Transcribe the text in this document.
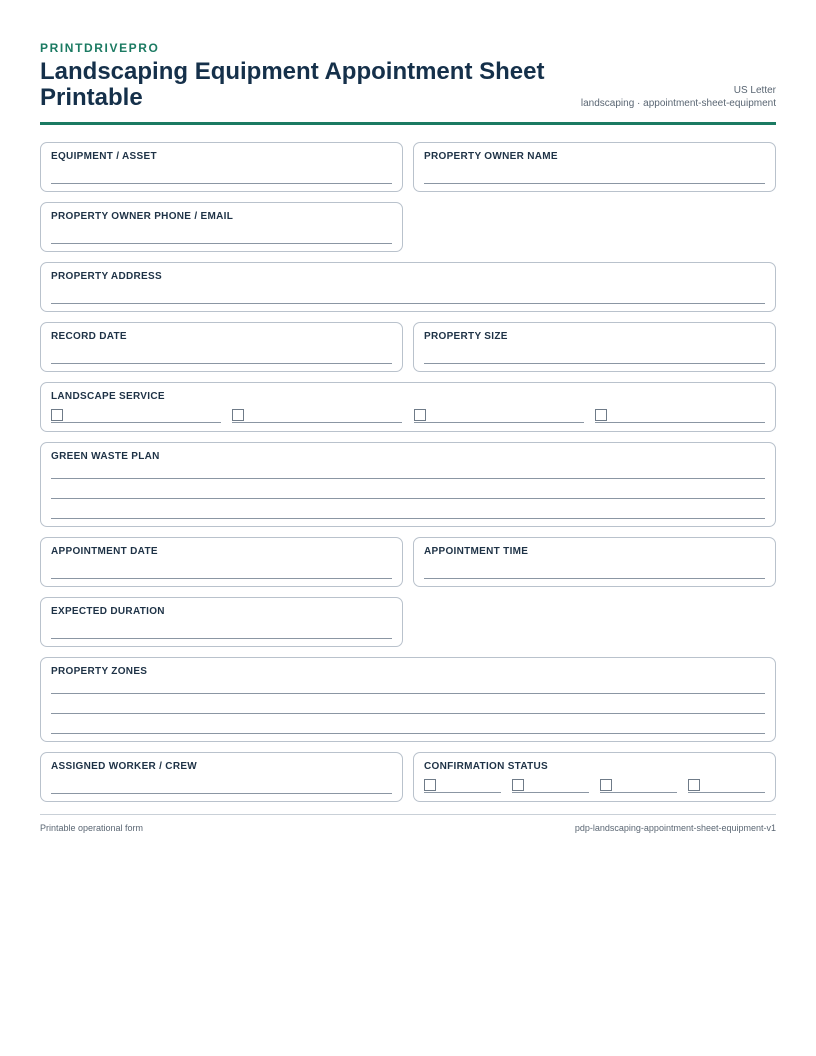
PRINTDRIVEPRO
Landscaping Equipment Appointment Sheet Printable	US Letter
landscaping · appointment-sheet-equipment
EQUIPMENT / ASSET	PROPERTY OWNER NAME
PROPERTY OWNER PHONE / EMAIL
PROPERTY ADDRESS
RECORD DATE	PROPERTY SIZE
LANDSCAPE SERVICE
GREEN WASTE PLAN
APPOINTMENT DATE	APPOINTMENT TIME
EXPECTED DURATION
PROPERTY ZONES
ASSIGNED WORKER / CREW	CONFIRMATION STATUS
Printable operational form	pdp-landscaping-appointment-sheet-equipment-v1
